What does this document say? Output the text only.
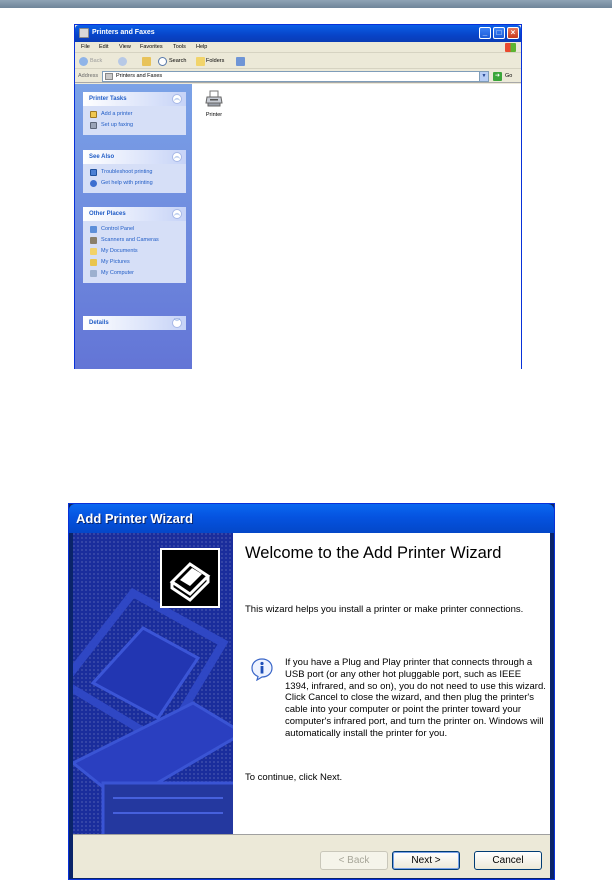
Printers and Faxes	_	□	×
File Edit View Favorites Tools Help
Back	Search	Folders
Address	Printers and Faxes	▼	➜ Go
Printer Tasks	︽
Add a printer
Set up faxing
See Also	︽
Troubleshoot printing
Get help with printing
Other Places	︽
Control Panel
Scanners and Cameras
My Documents
My Pictures
My Computer
Details	︾
Printer
Add Printer Wizard
Welcome to the Add Printer Wizard
This wizard helps you install a printer or make printer connections.
If you have a Plug and Play printer that connects through a USB port (or any other hot pluggable port, such as IEEE 1394, infrared, and so on), you do not need to use this wizard. Click Cancel to close the wizard, and then plug the printer's cable into your computer or point the printer toward your computer's infrared port, and turn the printer on. Windows will automatically install the printer for you.
To continue, click Next.
< Back	Next >	Cancel
